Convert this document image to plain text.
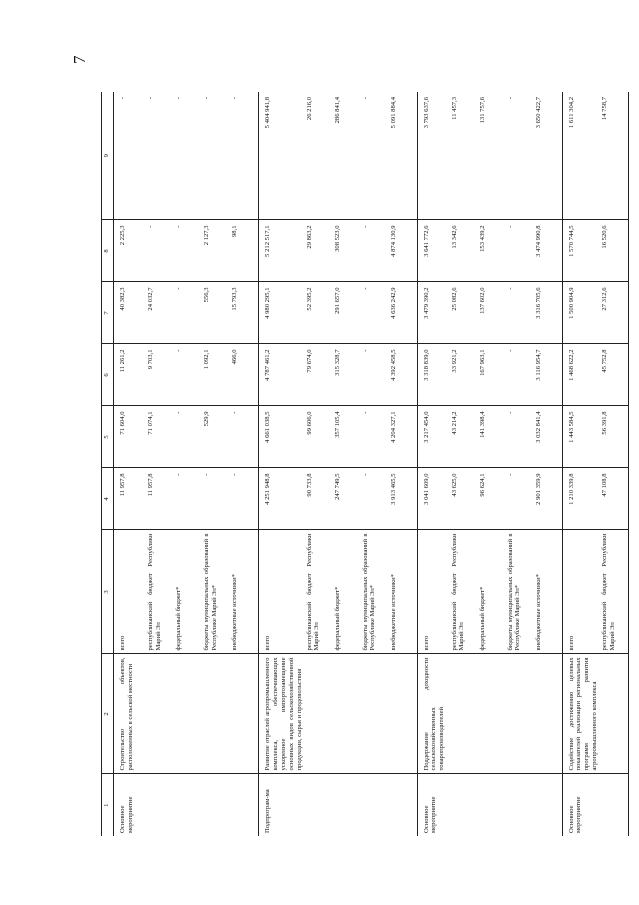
7
1	2	3	4	5	6	7	8	9
Основное мероприятие	Строительство объектов, расположенных в сельской местности	всего	11 957,8	71 604,0	11 261,2	40 382,3	2 225,3	-
		республиканский бюджет Республики Марий Эл	11 957,8	71 074,1	9 703,1	24 032,7	-	-
		федеральный бюджет*	-	-	-	-	-	-
		бюджеты муниципальных образований в Республике Марий Эл*	-	529,9	1 092,1	556,3	2 127,3	-
		внебюджетные источники*	-	-	466,0	15 793,3	98,1	-
Подпрограм-ма	Развитие отраслей агропромышленного комплекса, обеспечивающих ускоренное импортозамещение основных видов сельскохозяйственной продукции, сырья и продовольствия	всего	4 251 948,8	4 661 038,5	4 787 461,2	4 980 295,1	5 212 517,1	5 404 941,8
		республиканский бюджет Республики Марий Эл	90 733,8	99 606,0	79 674,0	52 395,2	29 863,2	26 216,0
		федеральный бюджет*	247 749,5	357 105,4	315 328,7	291 657,0	308 523,0	286 841,4
		бюджеты муниципальных образований в Республике Марий Эл*	-	-	-	-	-	-
		внебюджетные источники*	3 913 465,5	4 204 327,1	4 392 458,5	4 636 242,9	4 874 130,9	5 091 884,4
Основное мероприятие	Поддержание доходности сельскохозяйственных товаропроизводителей	всего	3 041 609,0	3 217 454,0	3 318 839,0	3 479 390,2	3 641 772,6	3 793 637,6
		республиканский бюджет Республики Марий Эл	43 625,0	43 214,2	33 921,2	25 082,6	13 342,6	11 457,3
		федеральный бюджет*	96 624,1	141 398,4	167 963,1	137 602,0	153 439,2	131 757,6
		бюджеты муниципальных образований в Республике Марий Эл*	-	-	-	-	-	-
		внебюджетные источники*	2 901 359,9	3 032 841,4	3 116 954,7	3 316 705,6	3 474 990,8	3 650 422,7
Основное мероприятие	Содействие достижению целевых показателей реализации региональных программ развития агропромышленного комплекса	всего	1 210 339,8	1 443 584,5	1 468 622,2	1 500 904,9	1 570 744,5	1 611 304,2
		республиканский бюджет Республики Марий Эл	47 108,8	56 391,8	45 752,8	27 312,6	16 520,6	14 758,7
